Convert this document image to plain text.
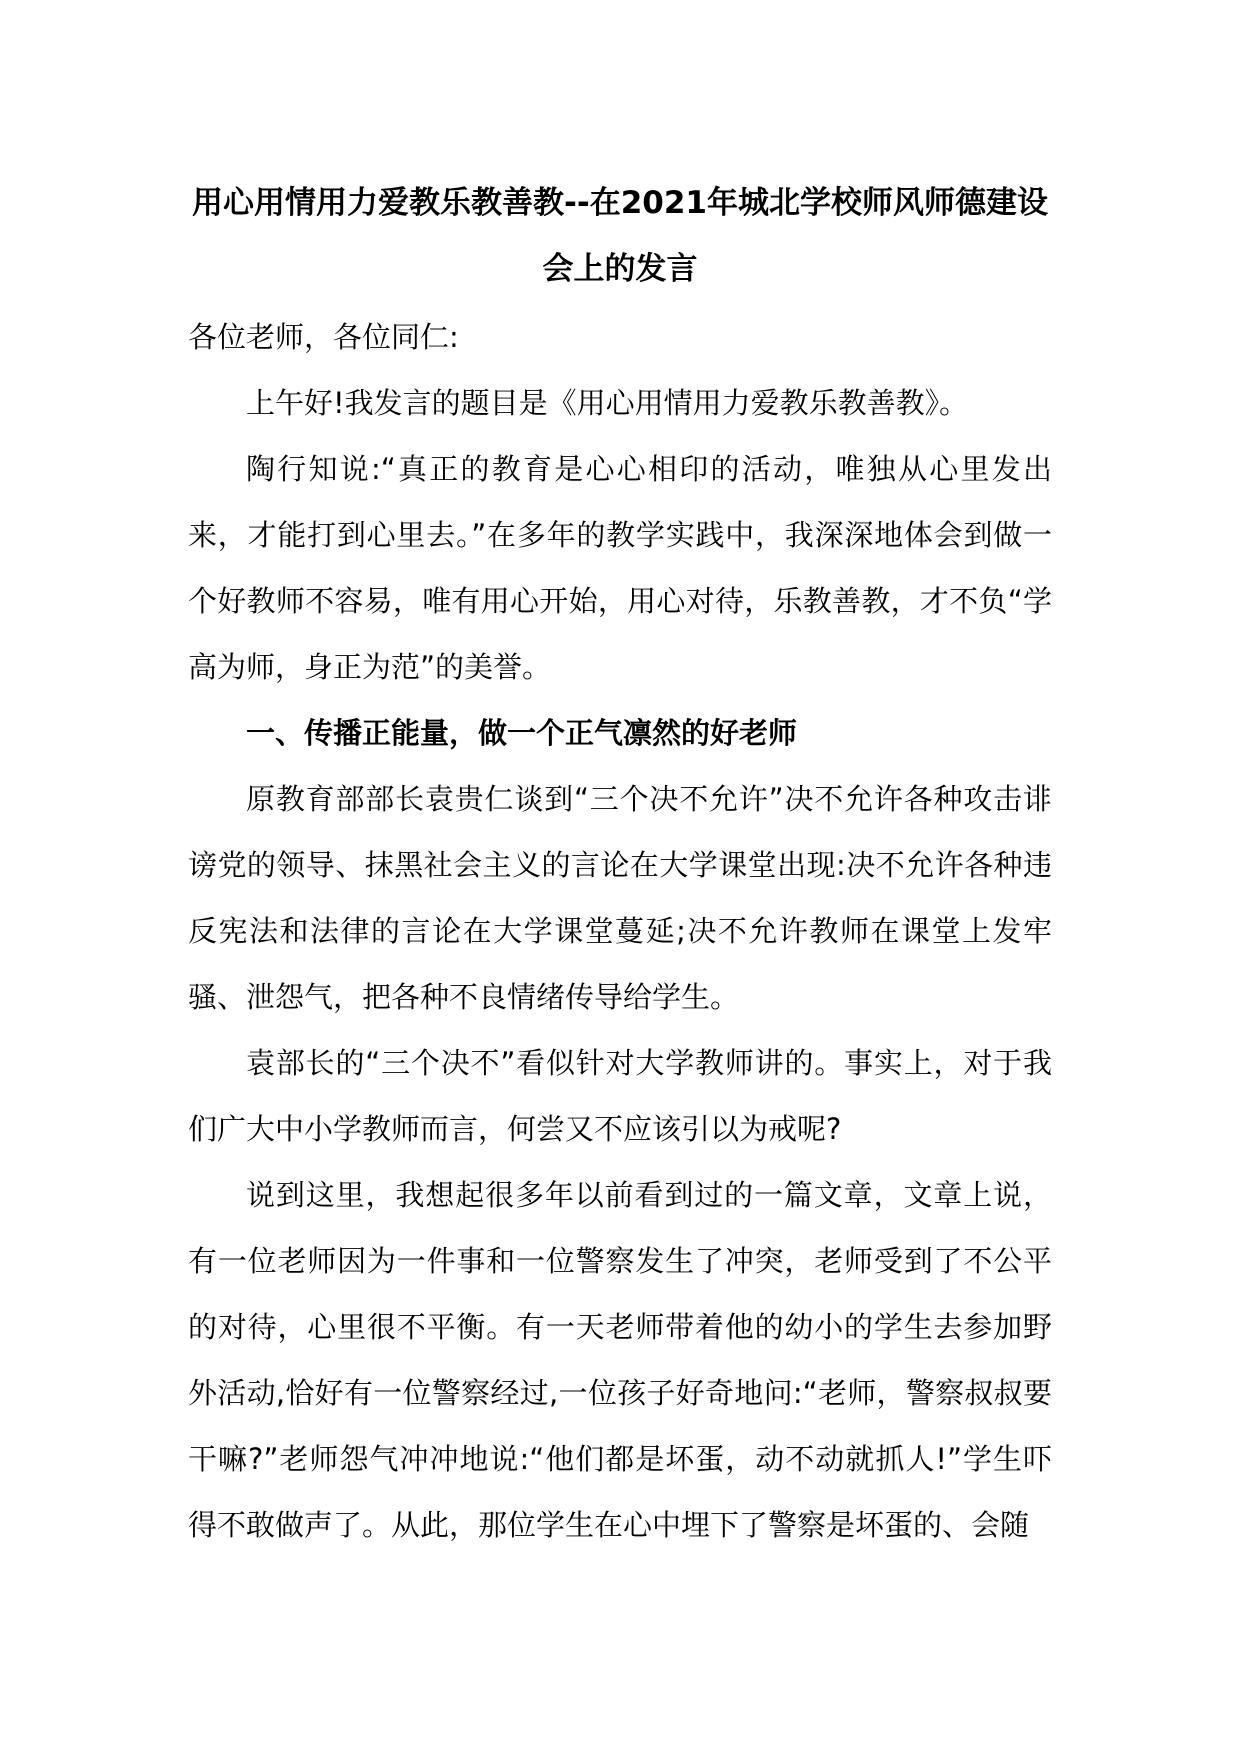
用心用情用力爱教乐教善教--在2021年城北学校师风师德建设会上的发言

各位老师，各位同仁:

上午好!我发言的题目是《用心用情用力爱教乐教善教》。

陶行知说:“真正的教育是心心相印的活动，唯独从心里发出来，才能打到心里去。”在多年的教学实践中，我深深地体会到做一个好教师不容易，唯有用心开始，用心对待，乐教善教，才不负“学高为师，身正为范”的美誉。

一、传播正能量，做一个正气凛然的好老师

原教育部部长袁贵仁谈到“三个决不允许”决不允许各种攻击诽谤党的领导、抹黑社会主义的言论在大学课堂出现:决不允许各种违反宪法和法律的言论在大学课堂蔓延;决不允许教师在课堂上发牢骚、泄怨气，把各种不良情绪传导给学生。

袁部长的“三个决不”看似针对大学教师讲的。事实上，对于我们广大中小学教师而言，何尝又不应该引以为戒呢?

说到这里，我想起很多年以前看到过的一篇文章，文章上说，有一位老师因为一件事和一位警察发生了冲突，老师受到了不公平的对待，心里很不平衡。有一天老师带着他的幼小的学生去参加野外活动,恰好有一位警察经过,一位孩子好奇地问:“老师，警察叔叔要干嘛?”老师怨气冲冲地说:“他们都是坏蛋，动不动就抓人!”学生吓得不敢做声了。从此，那位学生在心中埋下了警察是坏蛋的、会随
